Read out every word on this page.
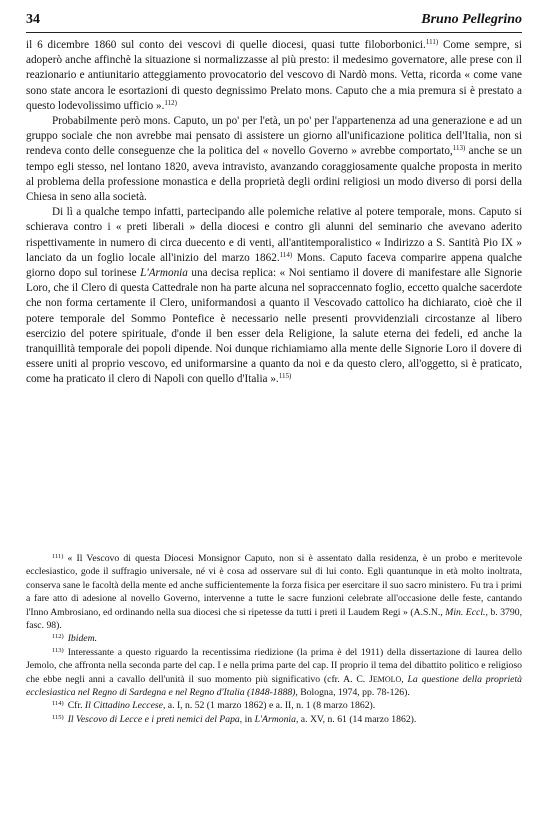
34	Bruno Pellegrino

il 6 dicembre 1860 sul conto dei vescovi di quelle diocesi, quasi tutte filoborbonici.$^{111)}$ Come sempre, si adoperò anche affinchè la situazione si normalizzasse al più presto: il medesimo governatore, alle prese con il reazionario e antiunitario atteggiamento provocatorio del vescovo di Nardò mons. Vetta, ricorda « come vane sono state ancora le esortazioni di questo degnissimo Prelato mons. Caputo che a mia premura si è prestato a questo lodevolissimo ufficio ».$^{112)}$

Probabilmente però mons. Caputo, un po' per l'età, un po' per l'appartenenza ad una generazione e ad un gruppo sociale che non avrebbe mai pensato di assistere un giorno all'unificazione politica dell'Italia, non si rendeva conto delle conseguenze che la politica del « novello Governo » avrebbe comportato,$^{113)}$ anche se un tempo egli stesso, nel lontano 1820, aveva intravisto, avanzando coraggiosamente qualche proposta in merito al problema della professione monastica e della proprietà degli ordini religiosi un modo diverso di porsi della Chiesa in seno alla società.

Di lì a qualche tempo infatti, partecipando alle polemiche relative al potere temporale, mons. Caputo si schierava contro i « preti liberali » della diocesi e contro gli alunni del seminario che avevano aderito rispettivamente in numero di circa duecento e di venti, all'antitemporalistico « Indirizzo a S. Santità Pio IX » lanciato da un foglio locale all'inizio del marzo 1862.$^{114)}$ Mons. Caputo faceva comparire appena qualche giorno dopo sul torinese L'Armonia una decisa replica: « Noi sentiamo il dovere di manifestare alle Signorie Loro, che il Clero di questa Cattedrale non ha parte alcuna nel sopraccennato foglio, eccetto qualche sacerdote che non forma certamente il Clero, uniformandosi a quanto il Vescovado cattolico ha dichiarato, cioè che il potere temporale del Sommo Pontefice è necessario nelle presenti provvidenziali circostanze al libero esercizio del potere spirituale, d'onde il ben esser dela Religione, la salute eterna dei fedeli, ed anche la tranquillità temporale dei popoli dipende. Noi dunque richiamiamo alla mente delle Signorie Loro il dovere di essere uniti al proprio vescovo, ed uniformarsine a quanto da noi e da questo clero, all'oggetto, si è praticato, come ha praticato il clero di Napoli con quello d'Italia ».$^{115)}$

$^{111)}$ « Il Vescovo di questa Diocesi Monsignor Caputo, non si è assentato dalla residenza, è un probo e meritevole ecclesiastico, gode il suffragio universale, né vi è cosa ad osservare sul di lui conto. Egli quantunque in età molto inoltrata, conserva sane le facoltà della mente ed anche sufficientemente la forza fisica per esercitare il suo sacro ministero. Fu tra i primi a fare atto di adesione al novello Governo, intervenne a tutte le sacre funzioni celebrate all'occasione delle feste, cantando l'Inno Ambrosiano, ed ordinando nella sua diocesi che si ripetesse da tutti i preti il Laudem Regi » (A.S.N., Min. Eccl., b. 3790, fasc. 98).

$^{112)}$ Ibidem.

$^{113)}$ Interessante a questo riguardo la recentissima riedizione (la prima è del 1911) della dissertazione di laurea dello Jemolo, che affronta nella seconda parte del cap. I e nella prima parte del cap. II proprio il tema del dibattito politico e religioso che ebbe negli anni a cavallo dell'unità il suo momento più significativo (cfr. A. C. JEMOLO, La questione della proprietà ecclesiastica nel Regno di Sardegna e nel Regno d'Italia (1848-1888), Bologna, 1974, pp. 78-126).

$^{114)}$ Cfr. Il Cittadino Leccese, a. I, n. 52 (1 marzo 1862) e a. II, n. 1 (8 marzo 1862).

$^{115)}$ Il Vescovo di Lecce e i preti nemici del Papa, in L'Armonia, a. XV, n. 61 (14 marzo 1862).
